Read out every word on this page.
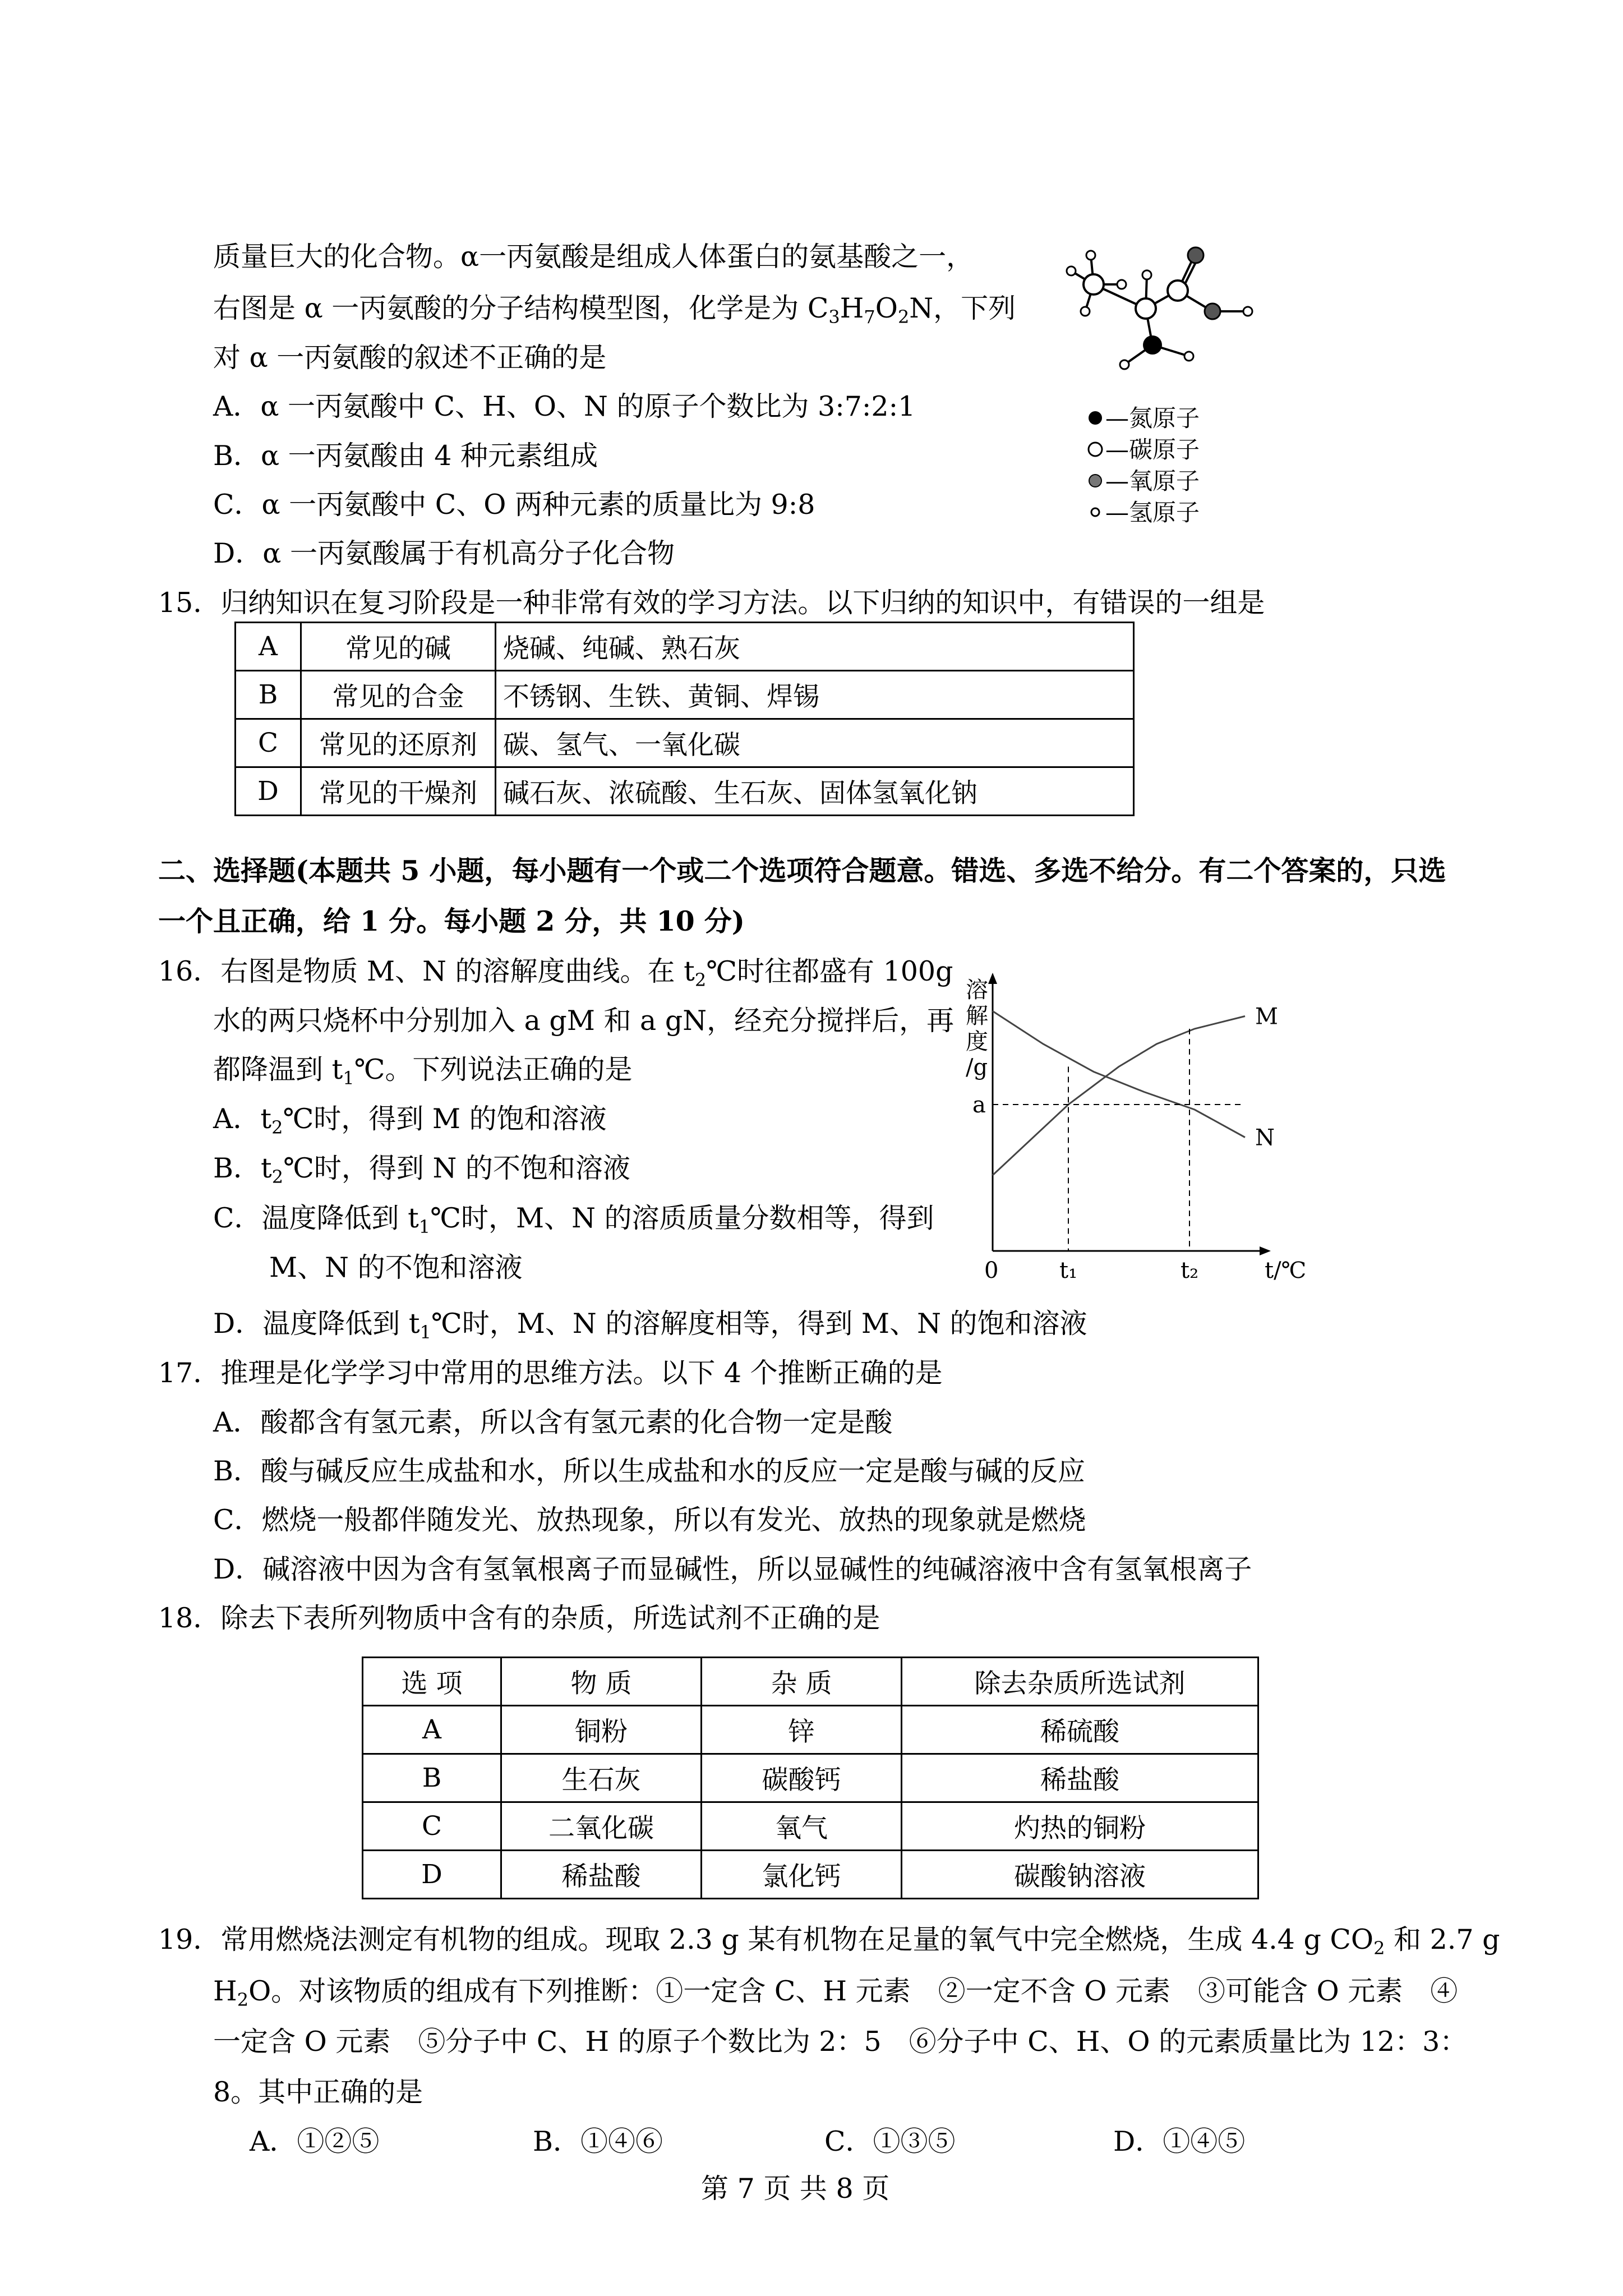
质量巨大的化合物。α一丙氨酸是组成人体蛋白的氨基酸之一，
右图是 α 一丙氨酸的分子结构模型图，化学是为 $C_3H_7O_2N$，下列
对 α 一丙氨酸的叙述不正确的是
A．α 一丙氨酸中 C、H、O、N 的原子个数比为 3:7:2:1
B．α 一丙氨酸由 4 种元素组成
C．α 一丙氨酸中 C、O 两种元素的质量比为 9:8
D．α 一丙氨酸属于有机高分子化合物
—氮原子
—碳原子
—氧原子
—氢原子
15．归纳知识在复习阶段是一种非常有效的学习方法。以下归纳的知识中，有错误的一组是
A	常见的碱	烧碱、纯碱、熟石灰
B	常见的合金	不锈钢、生铁、黄铜、焊锡
C	常见的还原剂	碳、氢气、一氧化碳
D	常见的干燥剂	碱石灰、浓硫酸、生石灰、固体氢氧化钠
二、选择题(本题共 5 小题，每小题有一个或二个选项符合题意。错选、多选不给分。有二个答案的，只选
一个且正确，给 1 分。每小题 2 分，共 10 分)
16．右图是物质 M、N 的溶解度曲线。在 $t_2℃$时往都盛有 100g
水的两只烧杯中分别加入 a gM 和 a gN，经充分搅拌后，再
都降温到 $t_1℃$。下列说法正确的是
A．$t_2℃$时，得到 M 的饱和溶液
B．$t_2℃$时，得到 N 的不饱和溶液
C．温度降低到 $t_1℃$时，M、N 的溶质质量分数相等，得到
M、N 的不饱和溶液
D．温度降低到 $t_1℃$时，M、N 的溶解度相等，得到 M、N 的饱和溶液
溶
解
度
/g
0	t/℃
M
N
a
t₁	t₂
17．推理是化学学习中常用的思维方法。以下 4 个推断正确的是
A．酸都含有氢元素，所以含有氢元素的化合物一定是酸
B．酸与碱反应生成盐和水，所以生成盐和水的反应一定是酸与碱的反应
C．燃烧一般都伴随发光、放热现象，所以有发光、放热的现象就是燃烧
D．碱溶液中因为含有氢氧根离子而显碱性，所以显碱性的纯碱溶液中含有氢氧根离子
18．除去下表所列物质中含有的杂质，所选试剂不正确的是
选 项	物 质	杂 质	除去杂质所选试剂
A	铜粉	锌	稀硫酸
B	生石灰	碳酸钙	稀盐酸
C	二氧化碳	氧气	灼热的铜粉
D	稀盐酸	氯化钙	碳酸钠溶液
19．常用燃烧法测定有机物的组成。现取 2.3 g 某有机物在足量的氧气中完全燃烧，生成 4.4 g $CO_2$ 和 2.7 g
$H_2O$。对该物质的组成有下列推断：①一定含 C、H 元素　②一定不含 O 元素　③可能含 O 元素　④
一定含 O 元素　⑤分子中 C、H 的原子个数比为 2：5　⑥分子中 C、H、O 的元素质量比为 12：3：
8。其中正确的是
A．①②⑤	B．①④⑥	C．①③⑤	D．①④⑤
第 7 页 共 8 页
